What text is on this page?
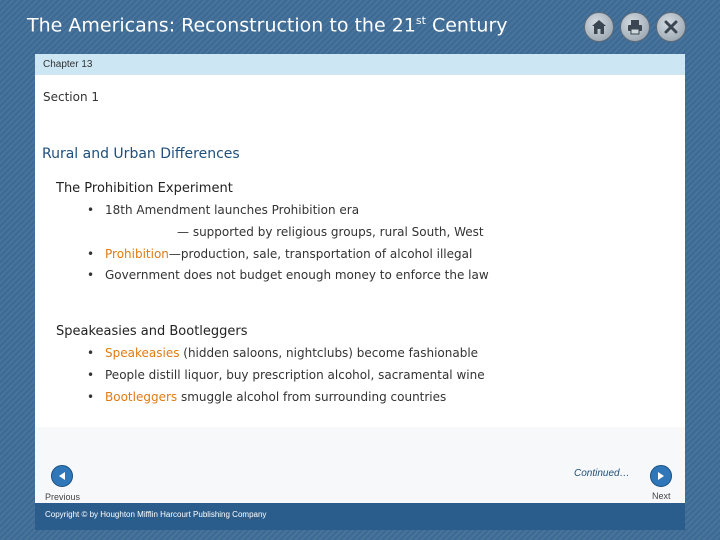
The Americans: Reconstruction to the 21st Century
Chapter 13
Section 1
Rural and Urban Differences
The Prohibition Experiment
• 18th Amendment launches Prohibition era
— supported by religious groups, rural South, West
• Prohibition—production, sale, transportation of alcohol illegal
• Government does not budget enough money to enforce the law
Speakeasies and Bootleggers
• Speakeasies (hidden saloons, nightclubs) become fashionable
• People distill liquor, buy prescription alcohol, sacramental wine
• Bootleggers smuggle alcohol from surrounding countries
Previous
Continued…
Next
Copyright © by Houghton Mifflin Harcourt Publishing Company
